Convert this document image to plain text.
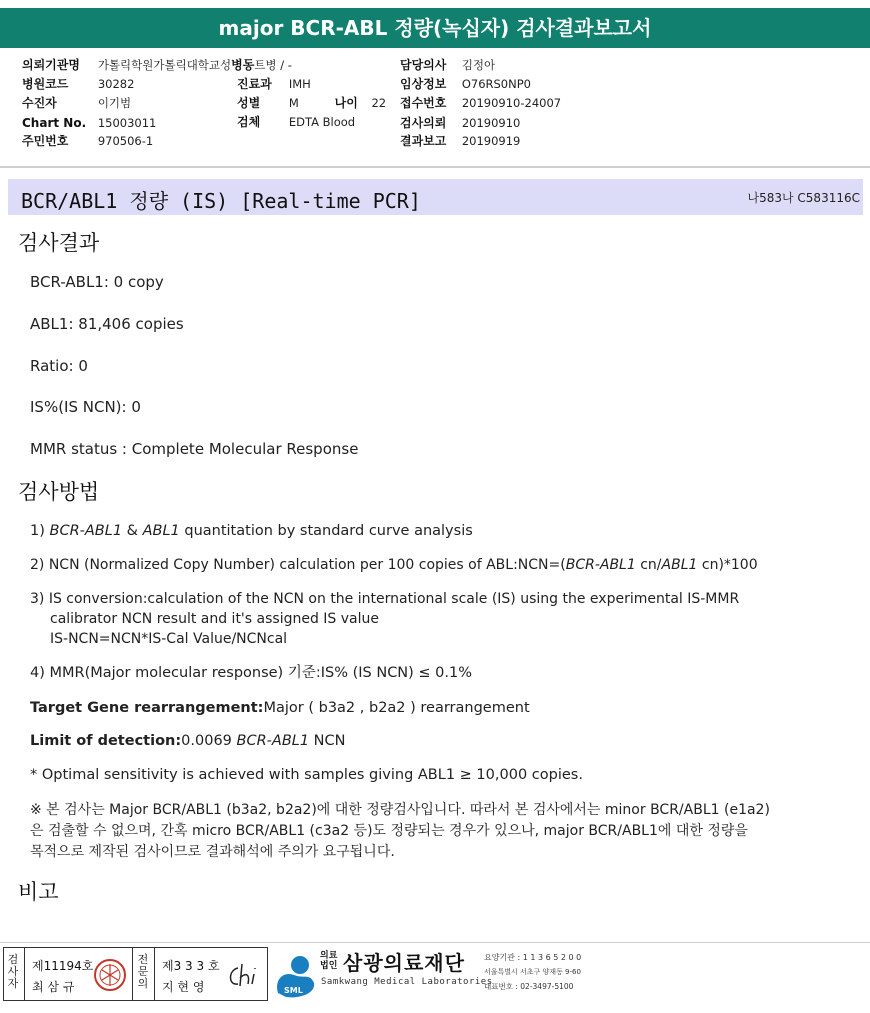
major BCR-ABL 정량(녹십자) 검사결과보고서
의뢰기관명 가톨릭학원가톨릭대학교성병동트병 / -
병원코드	30282
수진자	이기범
Chart No. 15003011
주민번호	970506-1
진료과 IMH
성별 M	나이 22
검체 EDTA Blood
담당의사 김정아
임상정보 O76RS0NP0
접수번호 20190910-24007
검사의뢰 20190910
결과보고 20190919
BCR/ABL1 정량 (IS) [Real-time PCR]	나583나 C583116C
검사결과
BCR-ABL1: 0 copy
ABL1: 81,406 copies
Ratio: 0
IS%(IS NCN): 0
MMR status : Complete Molecular Response
검사방법
1) BCR-ABL1 & ABL1 quantitation by standard curve analysis
2) NCN (Normalized Copy Number) calculation per 100 copies of ABL:NCN=(BCR-ABL1 cn/ABL1 cn)*100
3) IS conversion:calculation of the NCN on the international scale (IS) using the experimental IS-MMR
calibrator NCN result and it's assigned IS value
IS-NCN=NCN*IS-Cal Value/NCNcal
4) MMR(Major molecular response) 기준:IS% (IS NCN) ≤ 0.1%
Target Gene rearrangement:Major ( b3a2 , b2a2 ) rearrangement
Limit of detection:0.0069 BCR-ABL1 NCN
* Optimal sensitivity is achieved with samples giving ABL1 ≥ 10,000 copies.
※ 본 검사는 Major BCR/ABL1 (b3a2, b2a2)에 대한 정량검사입니다. 따라서 본 검사에서는 minor BCR/ABL1 (e1a2)
은 검출할 수 없으며, 간혹 micro BCR/ABL1 (c3a2 등)도 정량되는 경우가 있으나, major BCR/ABL1에 대한 정량을
목적으로 제작된 검사이므로 결과해석에 주의가 요구됩니다.
비고
검
사
자
제11194호
최 삼 규
전
문
의
제3 3 3 호
지 현 영	SML
의료
법인 삼광의료재단
Samkwang Medical Laboratories
요양기관 : 1 1 3 6 5 2 0 0
서울특별시 서초구 양재동 9-60
대표번호 : 02-3497-5100
